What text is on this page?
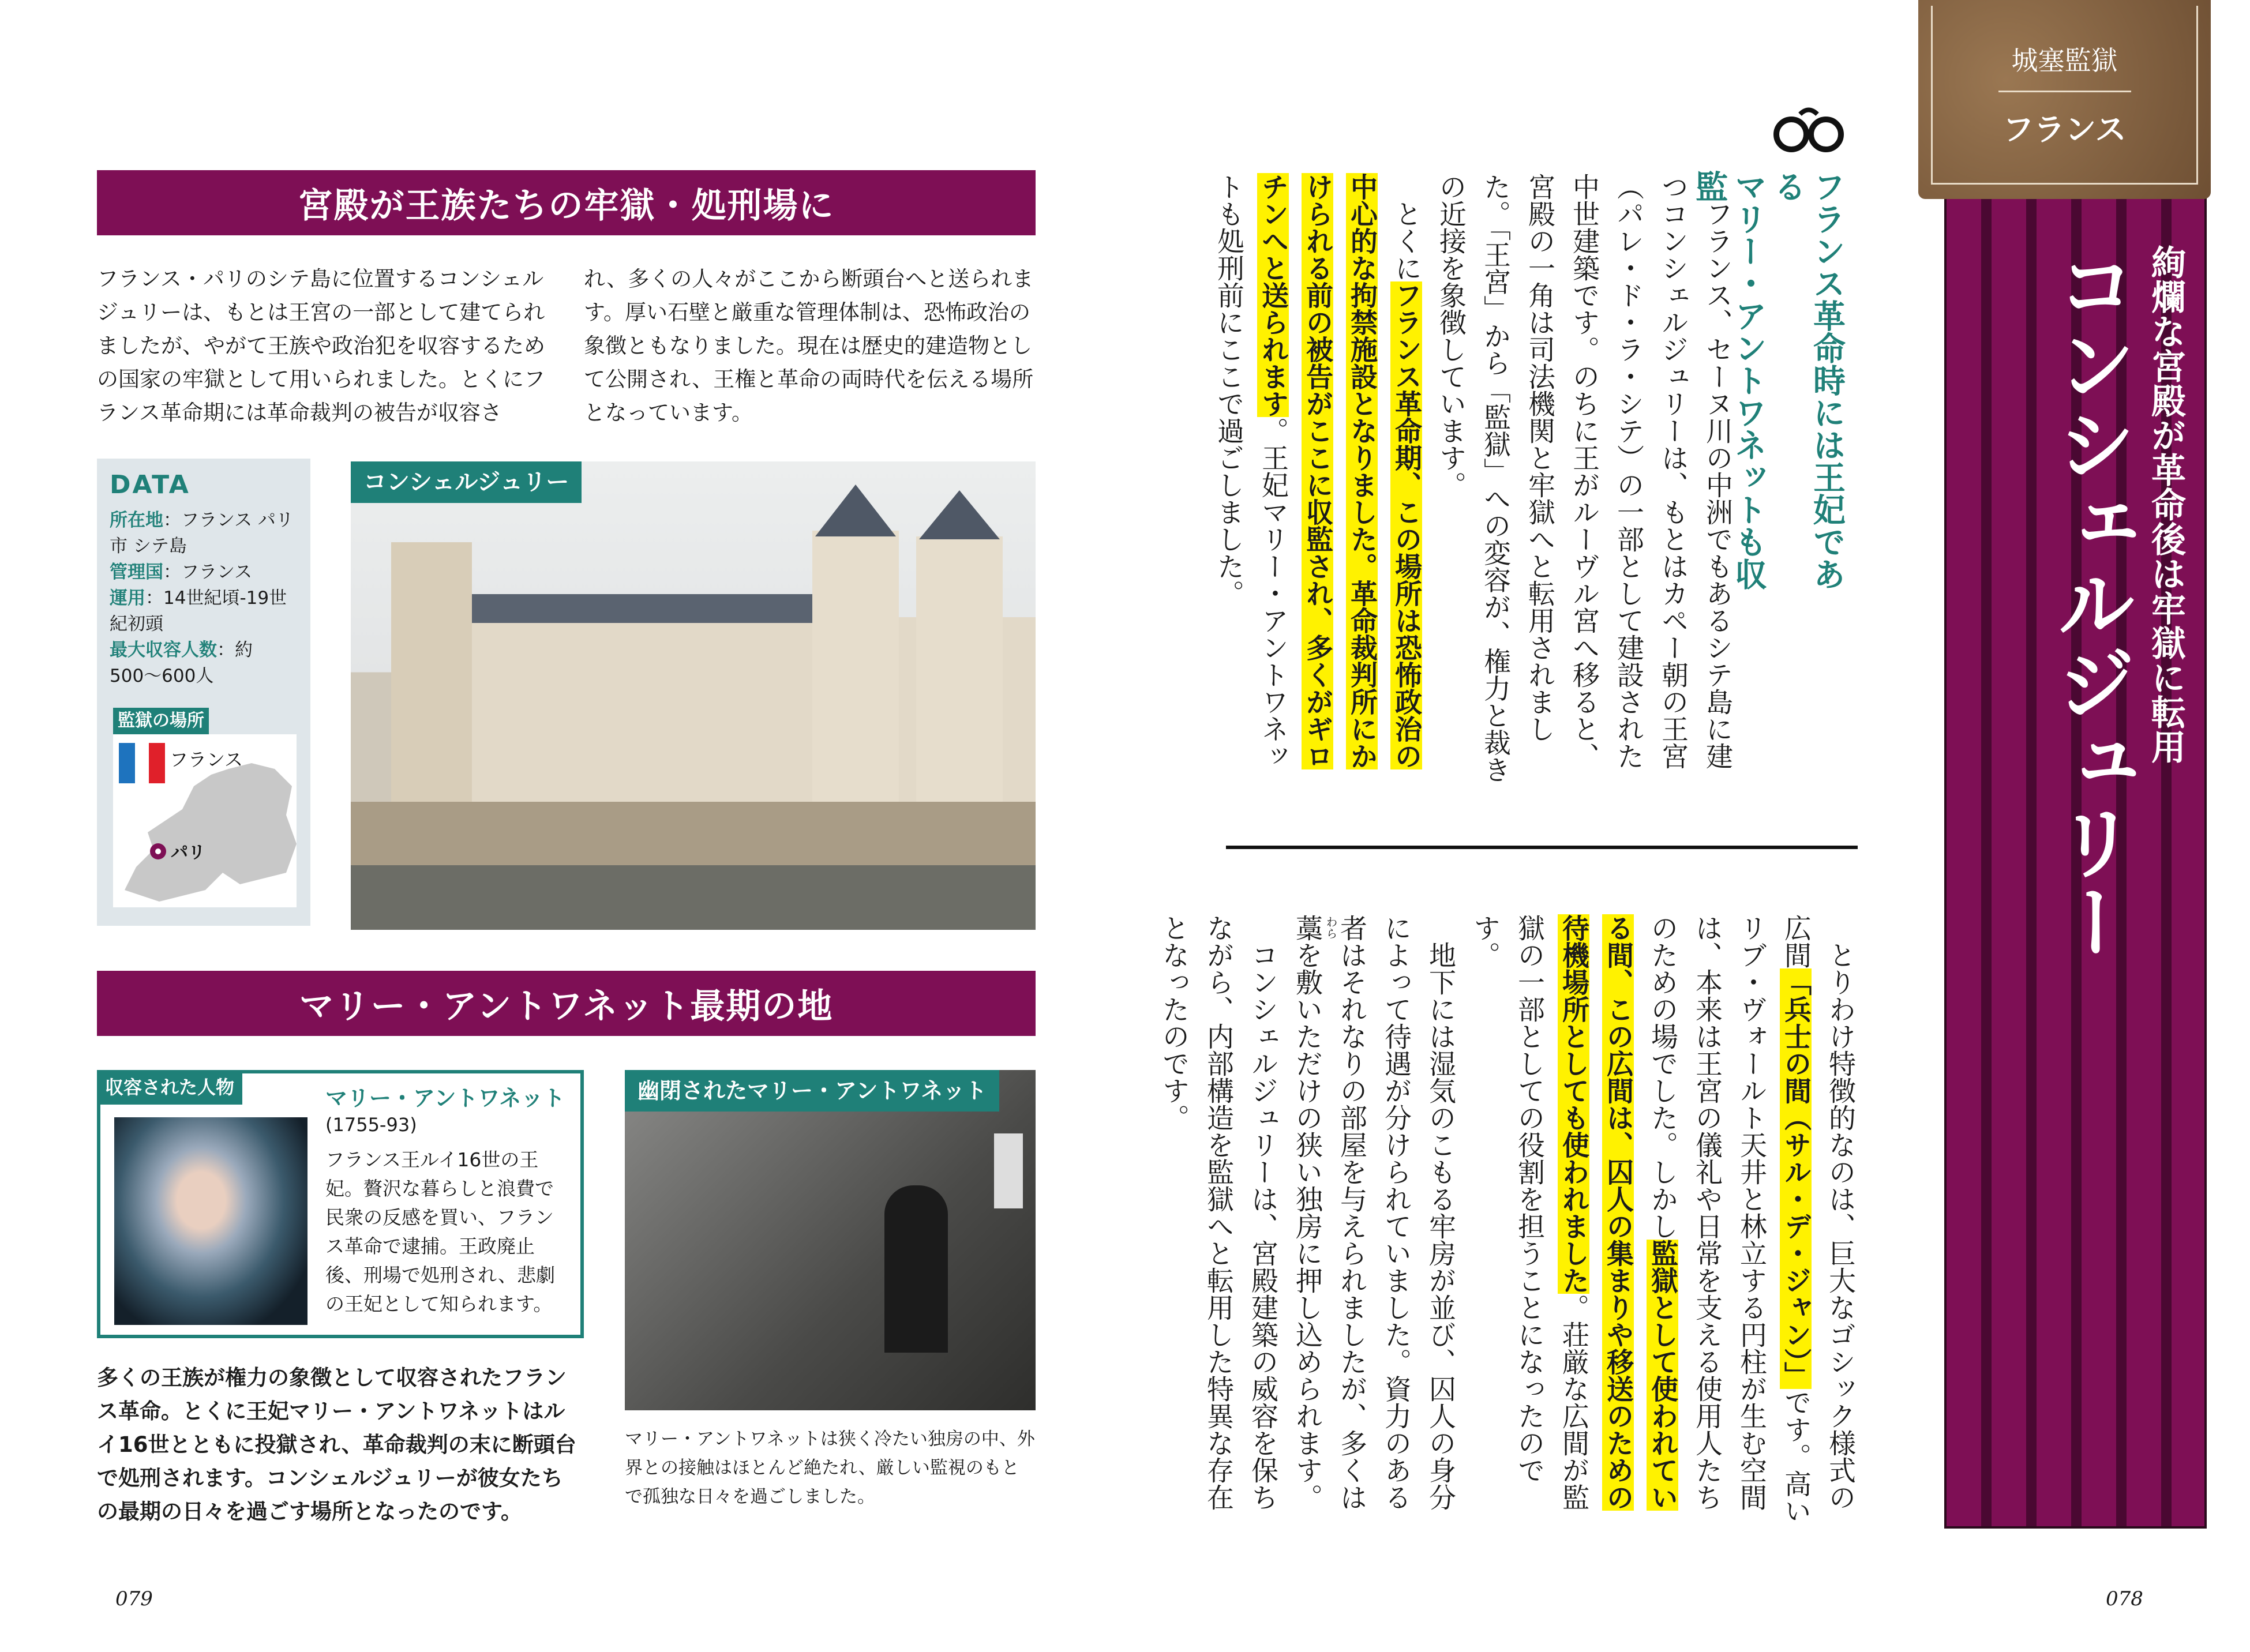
宮殿が王族たちの牢獄・処刑場に
フランス・パリのシテ島に位置するコンシェルジュリーは、もとは王宮の一部として建てられましたが、やがて王族や政治犯を収容するための国家の牢獄として用いられました。とくにフランス革命期には革命裁判の被告が収容さ
れ、多くの人々がここから断頭台へと送られます。厚い石壁と厳重な管理体制は、恐怖政治の象徴ともなりました。現在は歴史的建造物として公開され、王権と革命の両時代を伝える場所となっています。
DATA
所在地：フランス パリ市 シテ島
管理国：フランス
運用：14世紀頃-19世紀初頭
最大収容人数：約500〜600人
監獄の場所
フランス
パリ
コンシェルジュリー
マリー・アントワネット最期の地
収容された人物	マリー・アントワネット
(1755-93)
フランス王ルイ16世の王妃。贅沢な暮らしと浪費で民衆の反感を買い、フランス革命で逮捕。王政廃止後、刑場で処刑され、悲劇の王妃として知られます。
多くの王族が権力の象徴として収容されたフランス革命。とくに王妃マリー・アントワネットはルイ16世とともに投獄され、革命裁判の末に断頭台で処刑されます。コンシェルジュリーが彼女たちの最期の日々を過ごす場所となったのです。
幽閉されたマリー・アントワネット
マリー・アントワネットは狭く冷たい独房の中、外界との接触はほとんど絶たれ、厳しい監視のもとで孤独な日々を過ごしました。
079
フランス革命時には王妃である
マリー・アントワネットも収監

フランス、セーヌ川の中洲でもあるシテ島に建つコンシェルジュリーは、もとはカペー朝の王宮（パレ・ド・ラ・シテ）の一部として建設された中世建築です。のちに王がルーヴル宮へ移ると、宮殿の一角は司法機関と牢獄へと転用されました。「王宮」から「監獄」への変容が、権力と裁きの近接を象徴しています。

とくにフランス革命期、この場所は恐怖政治の中心的な拘禁施設となりました。革命裁判所にかけられる前の被告がここに収監され、多くがギロチンへと送られます。王妃マリー・アントワネットも処刑前にここで過ごしました。

とりわけ特徴的なのは、巨大なゴシック様式の広間「兵士の間（サル・デ・ジャン）」です。高いリブ・ヴォールト天井と林立する円柱が生む空間は、本来は王宮の儀礼や日常を支える使用人たちのための場でした。しかし監獄として使われている間、この広間は、囚人の集まりや移送のための待機場所としても使われました。荘厳な広間が監獄の一部としての役割を担うことになったのです。

地下には湿気のこもる牢房が並び、囚人の身分によって待遇が分けられていました。資力のある者はそれなりの部屋を与えられましたが、多くは藁を敷いただけの狭い独房に押し込められます。

コンシェルジュリーは、宮殿建築の威容を保ちながら、内部構造を監獄へと転用した特異な存在となったのです。	わら
絢爛な宮殿が革命後は牢獄に転用
コンシェルジュリー
城塞監獄
フランス
078
